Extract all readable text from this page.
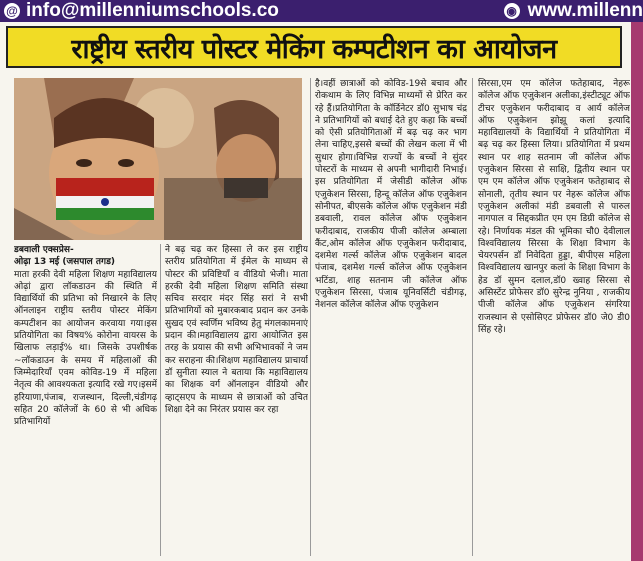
@ info@millenniumschools.co	◉ www.millenn
राष्ट्रीय स्तरीय पोस्टर मेकिंग कम्पटीशन का आयोजन

डबवाली एक्सप्रेस-

ओढ़ा 13 मई (जसपाल तगड)

माता हरकी देवी महिला शिक्षण महाविद्यालय ओढ़ां द्वारा लॉकडाउन की स्थिति में विद्यार्थियों की प्रतिभा को निखारने के लिए ऑनलाइन राष्ट्रीय स्तरीय पोस्टर मेकिंग कम्पटीशन का आयोजन करवाया गया।इस प्रतियोगिता का विषय% कोरोना वायरस के खिलाफ लड़ाई% था। जिसके उपशीर्षक ~लॉकडाउन के समय में महिलाओं की जिम्मेदारियाँ एवम कोविड-19 में महिला नेतृत्व की आवश्यकता इत्यादि रखे गए।इसमें हरियाणा,पंजाब, राजस्थान, दिल्ली,चंडीगढ़ सहित 20 कॉलेजों के 60 से भी अधिक प्रतिभागियों

ने बढ़ चढ़ कर हिस्सा ले कर इस राष्ट्रीय स्तरीय प्रतियोगिता में ईमेल के माध्यम से पोस्टर की प्रविष्टियाँ व वीडियो भेजी। माता हरकी देवी महिला शिक्षण समिति संस्था सचिव सरदार मंदर सिंह सरां ने सभी प्रतिभागियों को मुबारकबाद प्रदान कर उनके सुखद एवं स्वर्णिम भविष्य हेतु मंगलकामनाएं प्रदान की।महाविद्यालय द्वारा आयोजित इस तरह के प्रयास की सभी अभिभावकों ने जम कर सराहना की।शिक्षण महाविद्यालय प्राचार्या डॉ सुनीता स्याल ने बताया कि महाविद्यालय का शिक्षक वर्ग ऑनलाइन वीडियो और व्हाट्सएप के माध्यम से छात्राओं को उचित शिक्षा देने का निरंतर प्रयास कर रहा

है।वहीं छात्राओं को कोविड-19से बचाव और रोकथाम के लिए विभिन्न माध्यमों से प्रेरित कर रहे हैं।प्रतियोगिता के कॉर्डिनेटर डॉ0 सुभाष चंद्र ने प्रतिभागियों को बधाई देते हुए कहा कि बच्चों को ऐसी प्रतियोगिताओं में बढ़ चढ़ कर भाग लेना चाहिए,इससे बच्चों की लेखन कला में भी सुधार होगा।विभिन्न राज्यों के बच्चों ने सुंदर पोस्टरों के माध्यम से अपनी भागीदारी निभाई। इस प्रतियोगिता में जेसीडी कॉलेज ऑफ एजुकेशन सिरसा, हिन्दू कॉलेज ऑफ एजुकेशन सोनीपत, बीएसके कॉलेज ऑफ एजुकेशन मंडी डबवाली, रावल कॉलेज ऑफ एजुकेशन फरीदाबाद, राजकीय पीजी कॉलेज अम्बाला कैंट,ओम कॉलेज ऑफ एजुकेशन फरीदाबाद, दशमेश गर्ल्स कॉलेज ऑफ एजुकेशन बादल पंजाब, दशमेश गर्ल्स कॉलेज ऑफ एजुकेशन भटिंडा, शाह सतनाम जी कॉलेज ऑफ एजुकेशन सिरसा, पंजाब यूनिवर्सिटी चंडीगढ़, नेशनल कॉलेज कॉलेज ऑफ एजुकेशन

सिरसा,एम एम कॉलेज फतेहाबाद, नेहरू कॉलेज ऑफ एजुकेशन अलीका,इंस्टीट्यूट ऑफ टीचर एजुकेशन फरीदाबाद व आर्य कॉलेज ऑफ एजुकेशन झोझू कलां इत्यादि महाविद्यालयों के विद्यार्थियों ने प्रतियोगिता में बढ़ चढ़ कर हिस्सा लिया। प्रतियोगिता में प्रथम स्थान पर शाह सतनाम जी कॉलेज ऑफ एजुकेशन सिरसा से साक्षि, द्वितीय स्थान पर एम एम कॉलेज ऑफ एजुकेशन फतेहाबाद से सोनाली, तृतीय स्थान पर नेहरू कॉलेज ऑफ एजुकेशन अलीकां मंडी डबवाली से पारुल नागपाल व सिद्दकप्रीत एम एम डिग्री कॉलेज से रहे। निर्णायक मंडल की भूमिका चौ0 देवीलाल विश्वविद्यालय सिरसा के शिक्षा विभाग के चेयरपर्सन डॉ निवेदिता हुड्डा, बीपीएस महिला विश्वविद्यालय खानपुर कलां के शिक्षा विभाग के हेड डॉ सुमन दलाल,डॉ0 ख्वाह सिरसा से असिस्टेंट प्रोफेसर डॉ0 सुरेन्द्र नुनिया , राजकीय पीजी कॉलेज ऑफ एजुकेशन संगरिया राजस्थान से एसोसिएट प्रोफेसर डॉ0 जे0 डी0 सिंह रहे।
